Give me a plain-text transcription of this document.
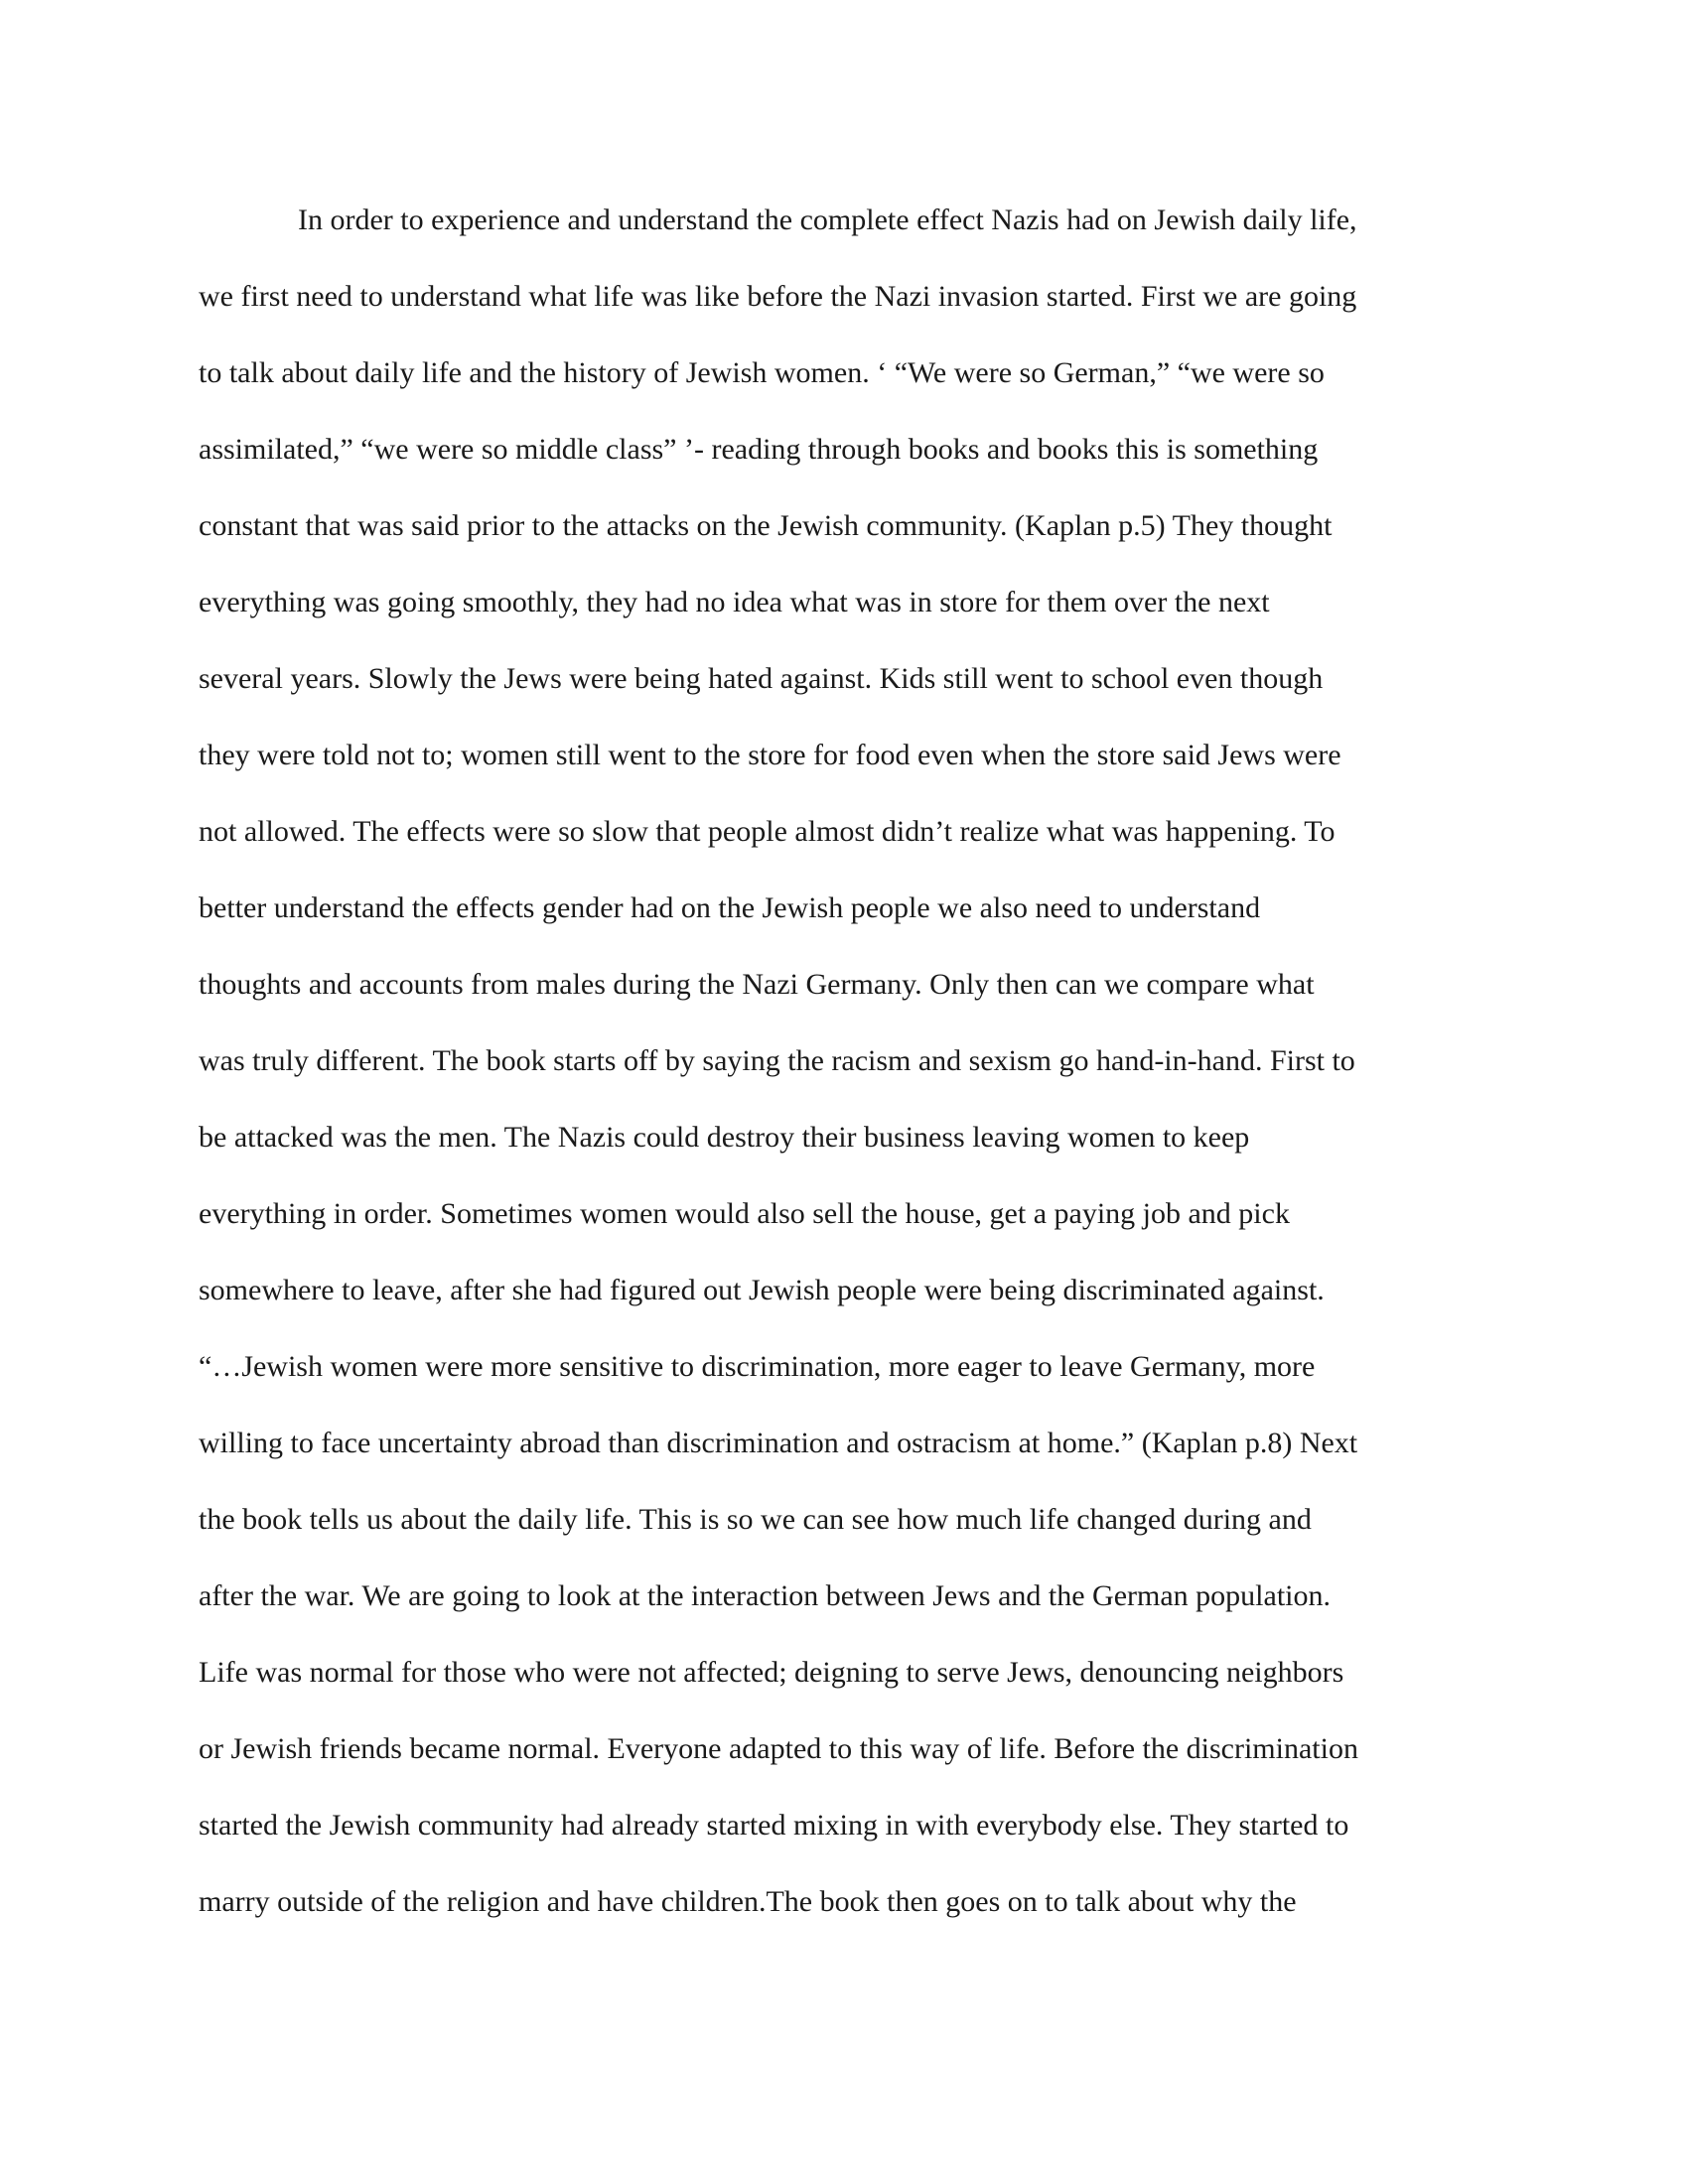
In order to experience and understand the complete effect Nazis had on Jewish daily life,
we first need to understand what life was like before the Nazi invasion started. First we are going
to talk about daily life and the history of Jewish women. ‘ “We were so German,” “we were so
assimilated,” “we were so middle class” ’- reading through books and books this is something
constant that was said prior to the attacks on the Jewish community. (Kaplan p.5) They thought
everything was going smoothly, they had no idea what was in store for them over the next
several years. Slowly the Jews were being hated against. Kids still went to school even though
they were told not to; women still went to the store for food even when the store said Jews were
not allowed. The effects were so slow that people almost didn’t realize what was happening. To
better understand the effects gender had on the Jewish people we also need to understand
thoughts and accounts from males during the Nazi Germany. Only then can we compare what
was truly different. The book starts off by saying the racism and sexism go hand-in-hand. First to
be attacked was the men. The Nazis could destroy their business leaving women to keep
everything in order. Sometimes women would also sell the house, get a paying job and pick
somewhere to leave, after she had figured out Jewish people were being discriminated against.
“…Jewish women were more sensitive to discrimination, more eager to leave Germany, more
willing to face uncertainty abroad than discrimination and ostracism at home.” (Kaplan p.8) Next
the book tells us about the daily life. This is so we can see how much life changed during and
after the war. We are going to look at the interaction between Jews and the German population.
Life was normal for those who were not affected; deigning to serve Jews, denouncing neighbors
or Jewish friends became normal. Everyone adapted to this way of life. Before the discrimination
started the Jewish community had already started mixing in with everybody else. They started to
marry outside of the religion and have children.The book then goes on to talk about why the
